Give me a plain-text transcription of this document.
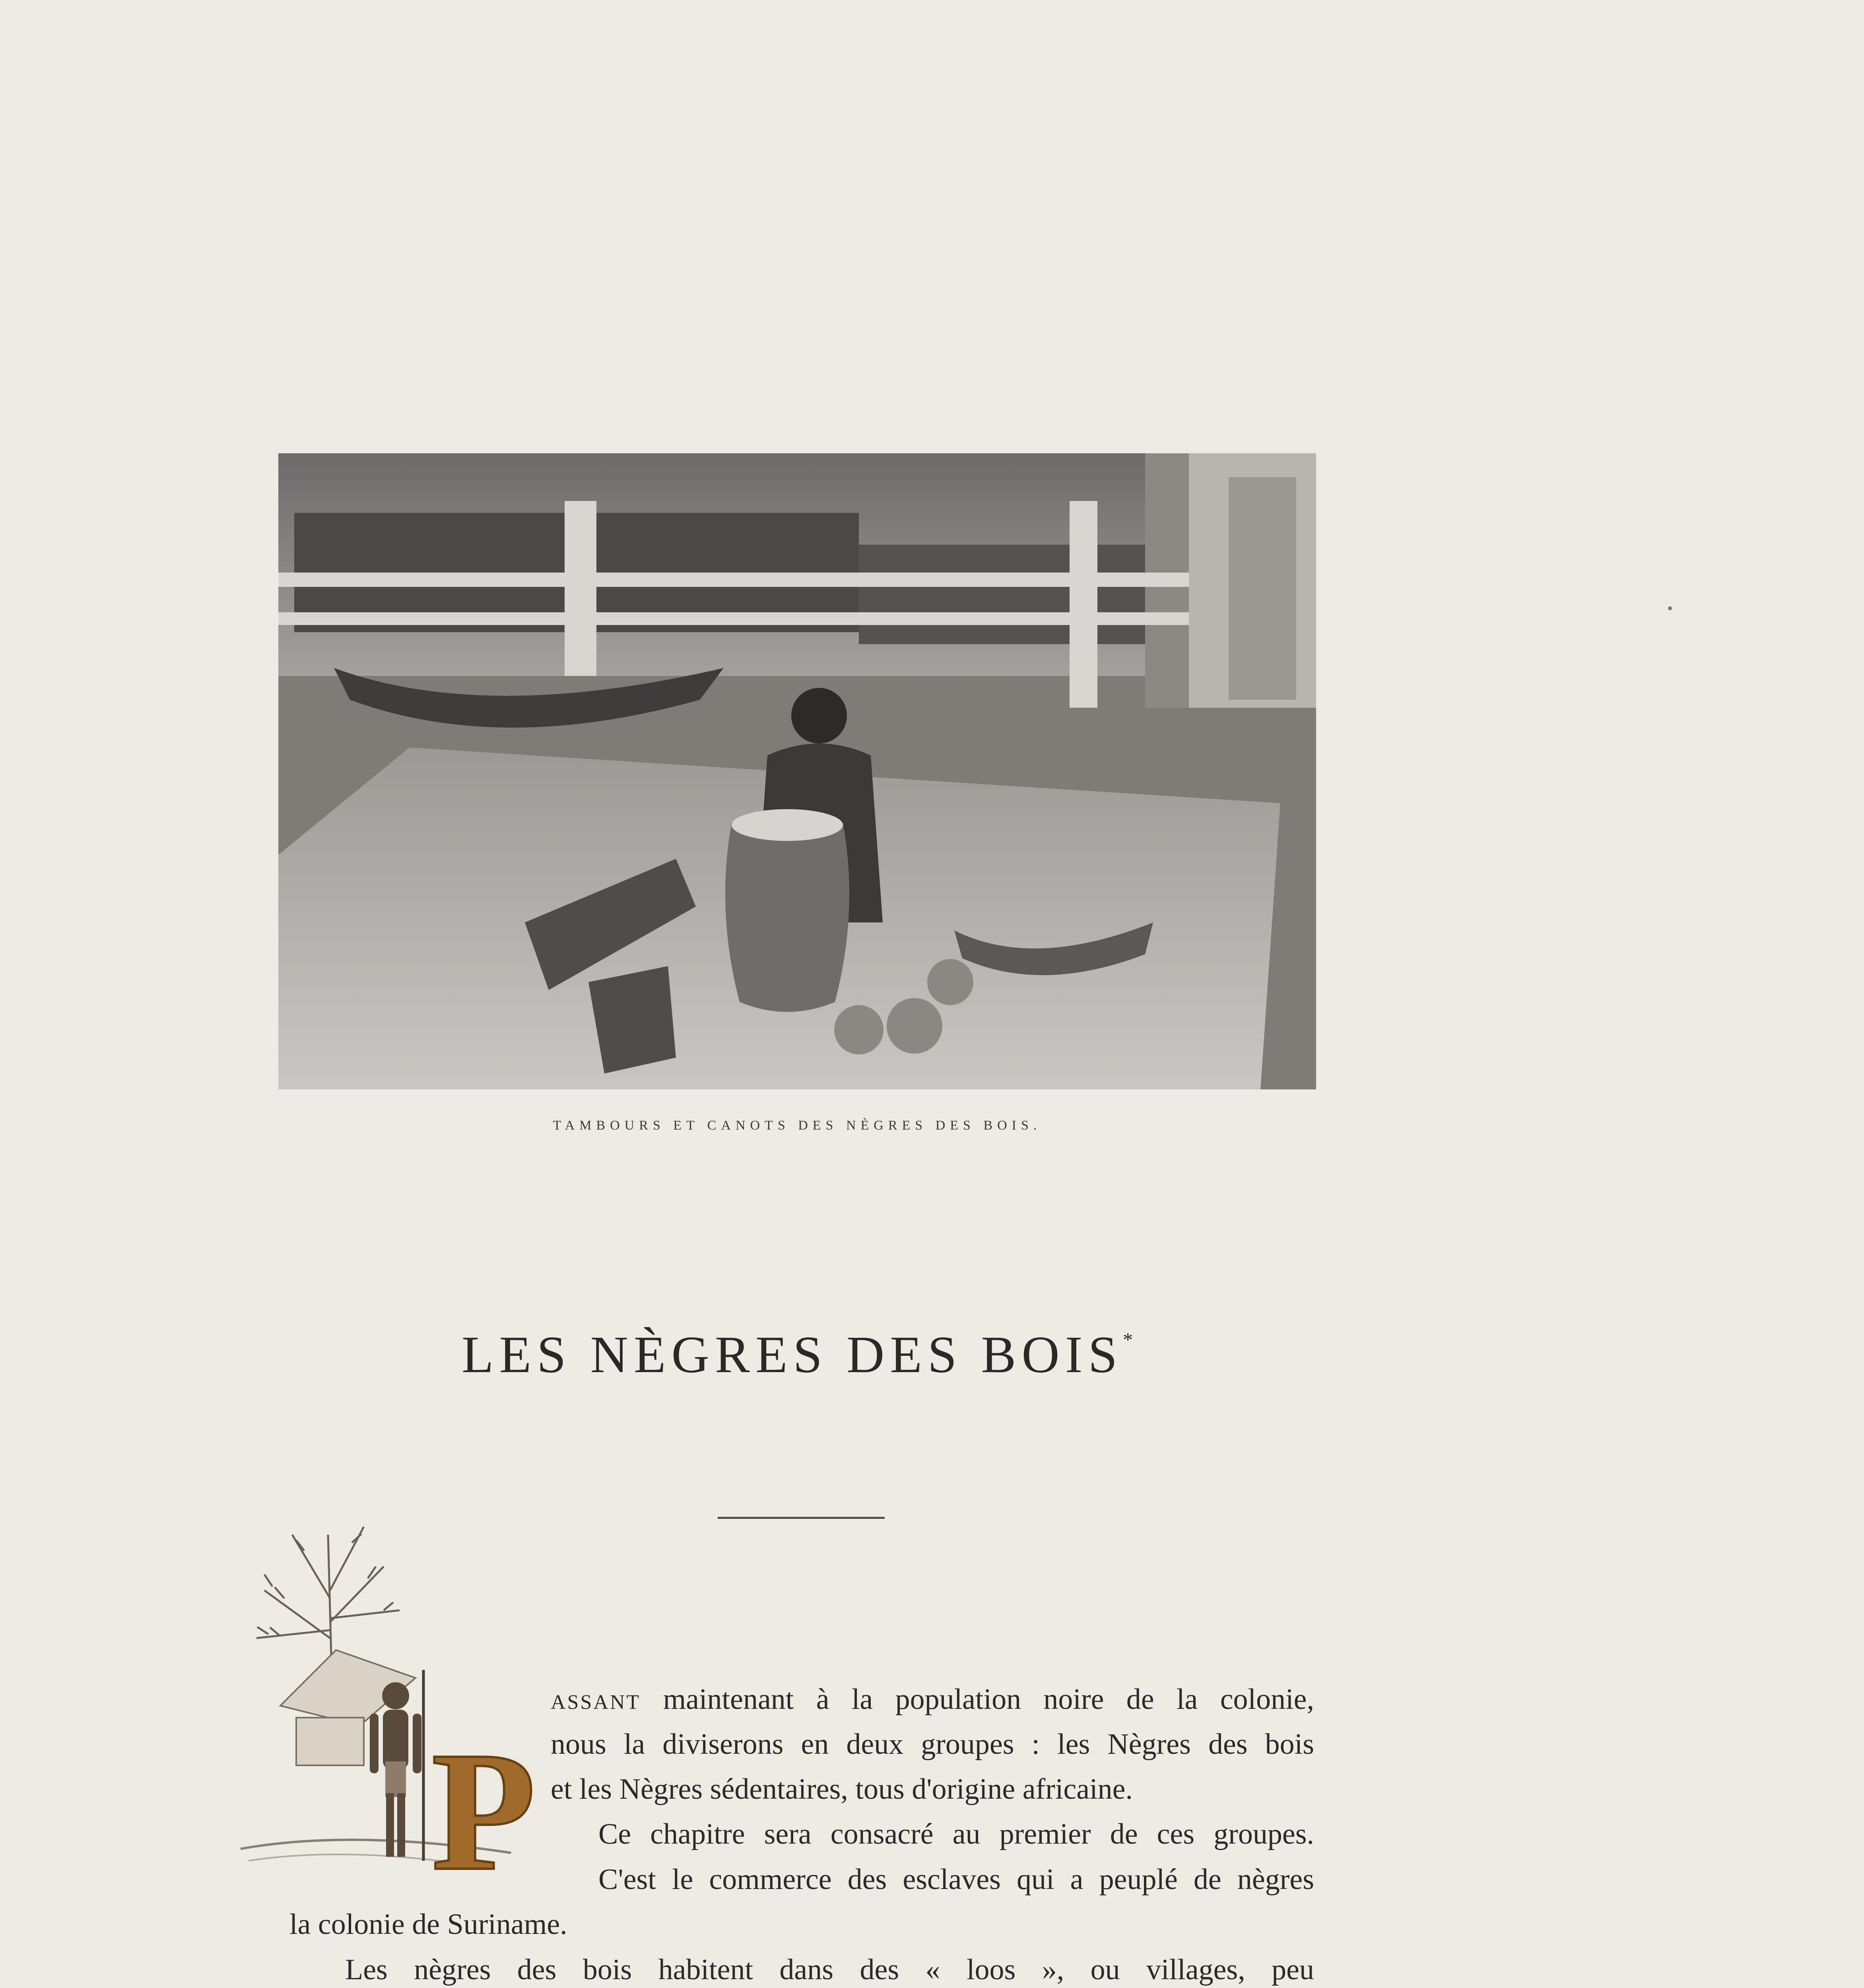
TAMBOURS ET CANOTS DES NÈGRES DES BOIS.
LES NÈGRES DES BOIS*
P
assant maintenant à la population noire de la colonie,
nous la diviserons en deux groupes : les Nègres des bois
et les Nègres sédentaires, tous d'origine africaine.
Ce chapitre sera consacré au premier de ces groupes.
C'est le commerce des esclaves qui a peuplé de nègres
la colonie de Suriname.
Les nègres des bois habitent dans des « loos », ou villages, peu
